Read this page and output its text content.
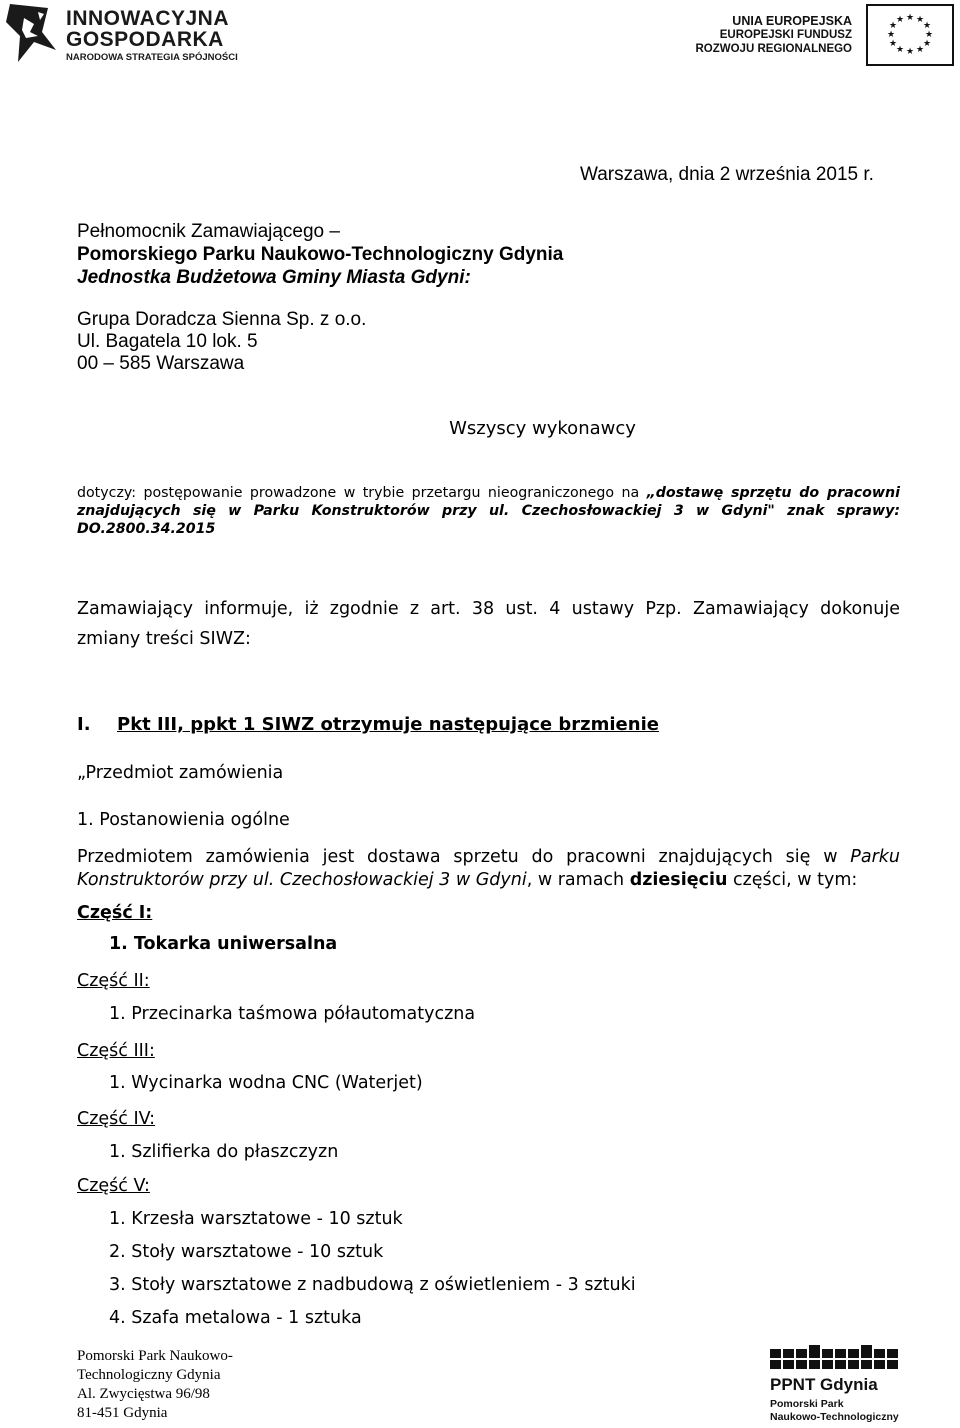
INNOWACYJNA
GOSPODARKA
NARODOWA STRATEGIA SPÓJNOŚCI
UNIA EUROPEJSKA
EUROPEJSKI FUNDUSZ
ROZWOJU REGIONALNEGO
★ ★
★
★
★
★
★
★
★
★
★
★
Warszawa, dnia 2 września 2015 r.
Pełnomocnik Zamawiającego –
Pomorskiego Parku Naukowo-Technologiczny Gdynia
Jednostka Budżetowa Gminy Miasta Gdyni:
Grupa Doradcza Sienna Sp. z o.o.
Ul. Bagatela 10 lok. 5
00 – 585 Warszawa
Wszyscy wykonawcy
dotyczy: postępowanie prowadzone w trybie przetargu nieograniczonego na „dostawę sprzętu do pracowni
znajdujących się w Parku Konstruktorów przy ul. Czechosłowackiej 3 w Gdyni" znak sprawy:
DO.2800.34.2015
Zamawiający informuje, iż zgodnie z art. 38 ust. 4 ustawy Pzp. Zamawiający dokonuje
zmiany treści SIWZ:
I. Pkt III, ppkt 1 SIWZ otrzymuje następujące brzmienie
„Przedmiot zamówienia
1. Postanowienia ogólne
Przedmiotem zamówienia jest dostawa sprzetu do pracowni znajdujących się w Parku
Konstruktorów przy ul. Czechosłowackiej 3 w Gdyni, w ramach dziesięciu części, w tym:
Część I:
1. Tokarka uniwersalna
Część II:
1. Przecinarka taśmowa półautomatyczna
Część III:
1. Wycinarka wodna CNC (Waterjet)
Część IV:
1. Szlifierka do płaszczyzn
Część V:
1. Krzesła warsztatowe - 10 sztuk
2. Stoły warsztatowe - 10 sztuk
3. Stoły warsztatowe z nadbudową z oświetleniem - 3 sztuki
4. Szafa metalowa - 1 sztuka
Pomorski Park Naukowo-
Technologiczny Gdynia
Al. Zwycięstwa 96/98
81-451 Gdynia
PPNT Gdynia
Pomorski Park
Naukowo-Technologiczny
